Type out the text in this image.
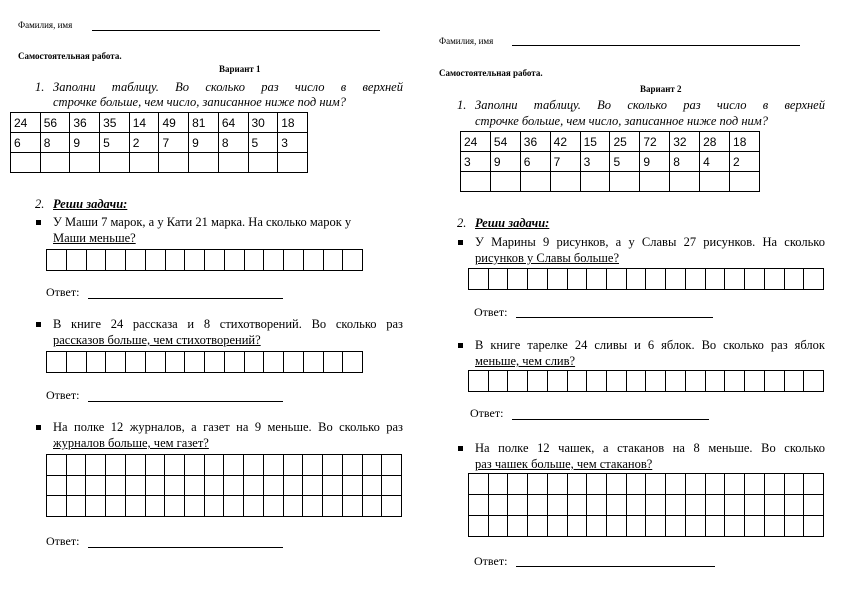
Фамилия, имя
Самостоятельная работа.
Вариант 1
1. Заполни таблицу. Во сколько раз число в верхней
строчке больше, чем число, записанное ниже под ним?
24	56	36	35	14	49	81	64	30	18
6	8	9	5	2	7	9	8	5	3

2. Реши задачи:
У Маши 7 марок, а у Кати 21 марка. На сколько марок у
Маши меньше?
Ответ:
В книге 24 рассказа и 8 стихотворений. Во сколько раз
рассказов больше, чем стихотворений?
Ответ:
На полке 12 журналов, а газет на 9 меньше. Во сколько раз
журналов больше, чем газет?
Ответ:
Фамилия, имя
Самостоятельная работа.
Вариант 2
1. Заполни таблицу. Во сколько раз число в верхней
строчке больше, чем число, записанное ниже под ним?
24	54	36	42	15	25	72	32	28	18
3	9	6	7	3	5	9	8	4	2

2. Реши задачи:
У Марины 9 рисунков, а у Славы 27 рисунков. На сколько
рисунков у Славы больше?
Ответ:
В книге тарелке 24 сливы и 6 яблок. Во сколько раз яблок
меньше, чем слив?
Ответ:
На полке 12 чашек, а стаканов на 8 меньше. Во сколько
раз чашек больше, чем стаканов?
Ответ:
